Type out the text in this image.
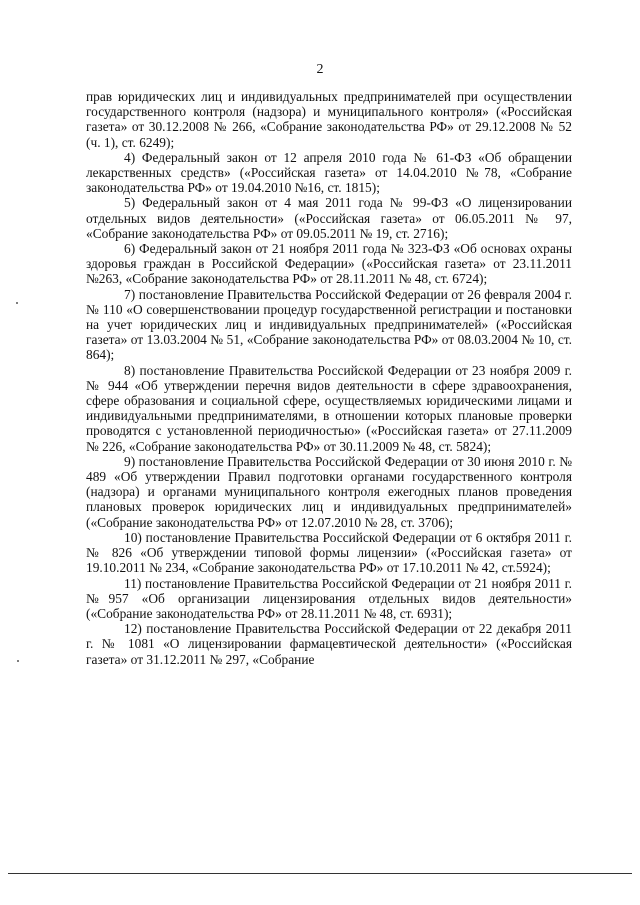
2

прав юридических лиц и индивидуальных предпринимателей при осуществлении государственного контроля (надзора) и муниципального контроля» («Российская газета» от 30.12.2008 № 266, «Собрание законодательства РФ» от 29.12.2008 № 52 (ч. 1), ст. 6249);

4) Федеральный закон от 12 апреля 2010 года № 61-ФЗ «Об обращении лекарственных средств» («Российская газета» от 14.04.2010 №78, «Собрание законодательства РФ» от 19.04.2010 №16, ст. 1815);

5) Федеральный закон от 4 мая 2011 года № 99-ФЗ «О лицензировании отдельных видов деятельности» («Российская газета» от 06.05.2011 № 97, «Собрание законодательства РФ» от 09.05.2011 № 19, ст. 2716);

6) Федеральный закон от 21 ноября 2011 года № 323-ФЗ «Об основах охраны здоровья граждан в Российской Федерации» («Российская газета» от 23.11.2011 №263, «Собрание законодательства РФ» от 28.11.2011 № 48, ст. 6724);

7) постановление Правительства Российской Федерации от 26 февраля 2004 г. № 110 «О совершенствовании процедур государственной регистрации и постановки на учет юридических лиц и индивидуальных предпринимателей» («Российская газета» от 13.03.2004 № 51, «Собрание законодательства РФ» от 08.03.2004 № 10, ст. 864);

8) постановление Правительства Российской Федерации от 23 ноября 2009 г. № 944 «Об утверждении перечня видов деятельности в сфере здравоохранения, сфере образования и социальной сфере, осуществляемых юридическими лицами и индивидуальными предпринимателями, в отношении которых плановые проверки проводятся с установленной периодичностью» («Российская газета» от 27.11.2009 № 226, «Собрание законодательства РФ» от 30.11.2009 № 48, ст. 5824);

9) постановление Правительства Российской Федерации от 30 июня 2010 г. № 489 «Об утверждении Правил подготовки органами государственного контроля (надзора) и органами муниципального контроля ежегодных планов проведения плановых проверок юридических лиц и индивидуальных предпринимателей» («Собрание законодательства РФ» от 12.07.2010 № 28, ст. 3706);

10) постановление Правительства Российской Федерации от 6 октября 2011 г. № 826 «Об утверждении типовой формы лицензии» («Российская газета» от 19.10.2011 № 234, «Собрание законодательства РФ» от 17.10.2011 № 42, ст.5924);

11) постановление Правительства Российской Федерации от 21 ноября 2011 г. №957 «Об организации лицензирования отдельных видов деятельности» («Собрание законодательства РФ» от 28.11.2011 № 48, ст. 6931);

12) постановление Правительства Российской Федерации от 22 декабря 2011 г. № 1081 «О лицензировании фармацевтической деятельности» («Российская газета» от 31.12.2011 № 297, «Собрание
